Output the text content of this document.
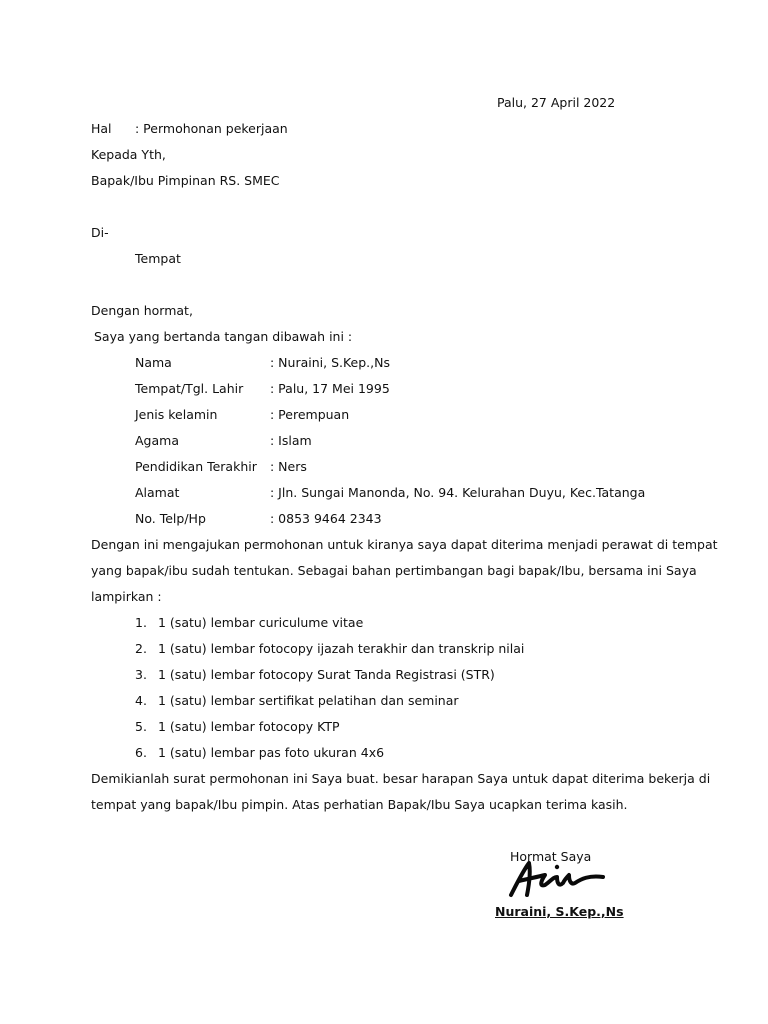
Palu, 27 April 2022
Hal : Permohonan pekerjaan
Kepada Yth,
Bapak/Ibu Pimpinan RS. SMEC
Di-
Tempat
Dengan hormat,
Saya yang bertanda tangan dibawah ini :
Nama	: Nuraini, S.Kep.,Ns
Tempat/Tgl. Lahir : Palu, 17 Mei 1995
Jenis kelamin	: Perempuan
Agama	: Islam
Pendidikan Terakhir : Ners
Alamat	: Jln. Sungai Manonda, No. 94. Kelurahan Duyu, Kec.Tatanga
No. Telp/Hp	: 0853 9464 2343
Dengan ini mengajukan permohonan untuk kiranya saya dapat diterima menjadi perawat di tempat
yang bapak/ibu sudah tentukan. Sebagai bahan pertimbangan bagi bapak/Ibu, bersama ini Saya
lampirkan :
1. 1 (satu) lembar curiculume vitae
2. 1 (satu) lembar fotocopy ijazah terakhir dan transkrip nilai
3. 1 (satu) lembar fotocopy Surat Tanda Registrasi (STR)
4. 1 (satu) lembar sertifikat pelatihan dan seminar
5. 1 (satu) lembar fotocopy KTP
6. 1 (satu) lembar pas foto ukuran 4x6
Demikianlah surat permohonan ini Saya buat. besar harapan Saya untuk dapat diterima bekerja di
tempat yang bapak/Ibu pimpin. Atas perhatian Bapak/Ibu Saya ucapkan terima kasih.
Hormat Saya
Nuraini, S.Kep.,Ns
